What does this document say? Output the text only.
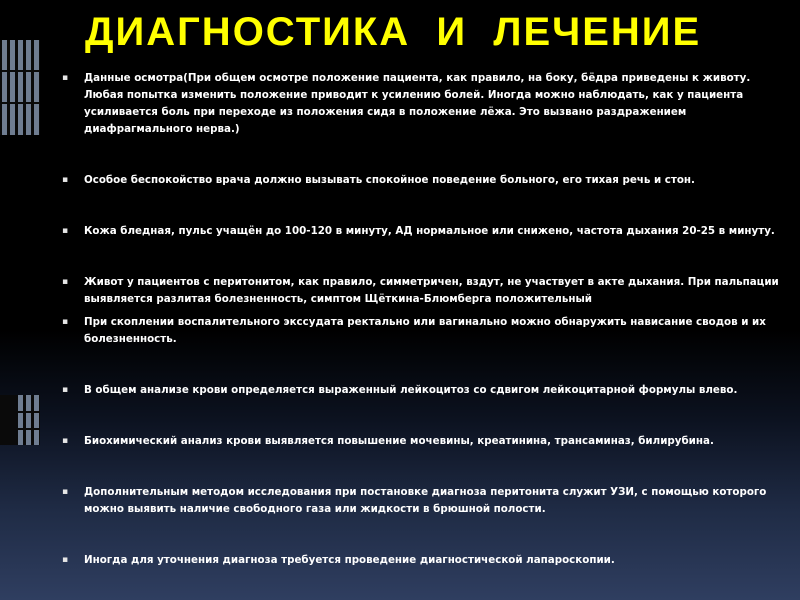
ДИАГНОСТИКА  И  ЛЕЧЕНИЕ
▪ Данные осмотра(При общем осмотре положение пациента, как правило, на боку, бёдра приведены к животу. Любая попытка изменить положение приводит к усилению болей. Иногда можно наблюдать, как у пациента усиливается боль при переходе из положения сидя в положение лёжа. Это вызвано раздражением диафрагмального нерва.)
▪ Особое беспокойство врача должно вызывать спокойное поведение больного, его тихая речь и стон.
▪ Кожа бледная, пульс учащён до 100-120 в минуту, АД нормальное или снижено, частота дыхания 20-25 в минуту.
▪ Живот у пациентов с перитонитом, как правило, симметричен, вздут, не участвует в акте дыхания. При пальпации выявляется разлитая болезненность, симптом Щёткина-Блюмберга положительный
▪ При скоплении воспалительного экссудата ректально или вагинально можно обнаружить нависание сводов и их болезненность.
▪ В общем анализе крови определяется выраженный лейкоцитоз со сдвигом лейкоцитарной формулы влево.
▪ Биохимический анализ крови выявляется повышение мочевины, креатинина, трансаминаз, билирубина.
▪ Дополнительным методом исследования при постановке диагноза перитонита служит УЗИ, с помощью которого можно выявить наличие свободного газа или жидкости в брюшной полости.
▪ Иногда для уточнения диагноза требуется проведение диагностической лапароскопии.
